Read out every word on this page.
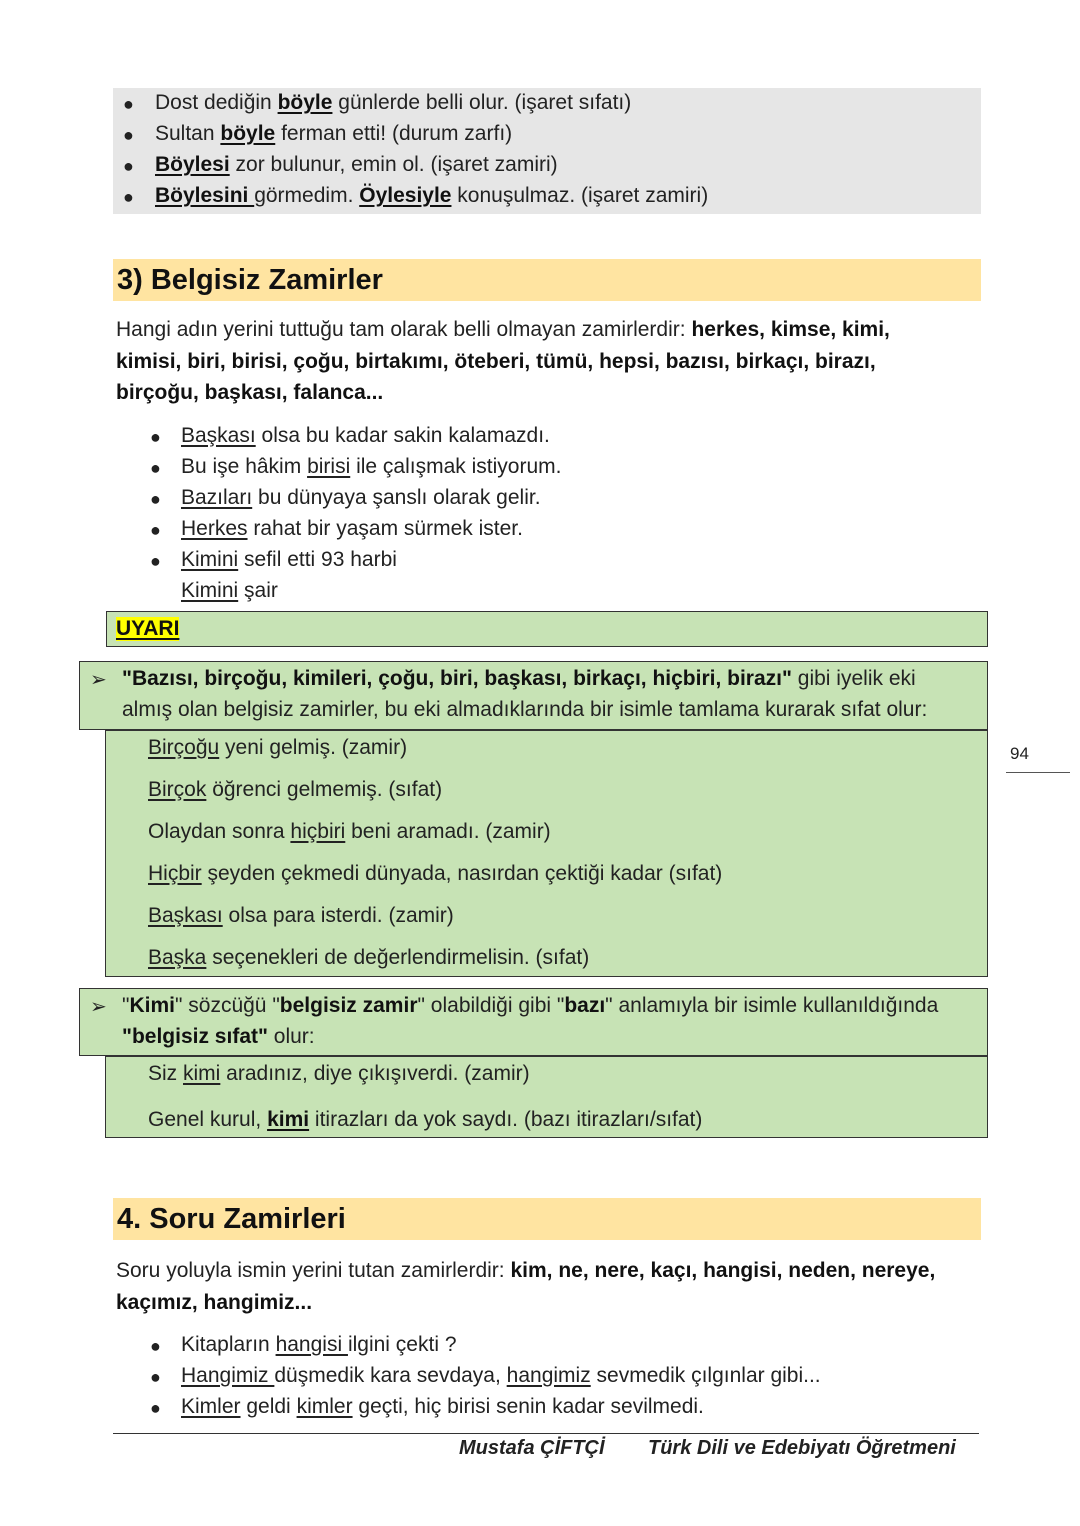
● Dost dediğin böyle günlerde belli olur. (işaret sıfatı)
● Sultan böyle ferman etti! (durum zarfı)
● Böylesi zor bulunur, emin ol. (işaret zamiri)
● Böylesini görmedim. Öylesiyle konuşulmaz. (işaret zamiri)
3) Belgisiz Zamirler
Hangi adın yerini tuttuğu tam olarak belli olmayan zamirlerdir: herkes, kimse, kimi,
kimisi, biri, birisi, çoğu, birtakımı, öteberi, tümü, hepsi, bazısı, birkaçı, birazı,
birçoğu, başkası, falanca...
● Başkası olsa bu kadar sakin kalamazdı.
● Bu işe hâkim birisi ile çalışmak istiyorum.
● Bazıları bu dünyaya şanslı olarak gelir.
● Herkes rahat bir yaşam sürmek ister.
● Kimini sefil etti 93 harbi
Kimini şair
UYARI
➢ "Bazısı, birçoğu, kimileri, çoğu, biri, başkası, birkaçı, hiçbiri, birazı" gibi iyelik eki
almış olan belgisiz zamirler, bu eki almadıklarında bir isimle tamlama kurarak sıfat olur:
Birçoğu yeni gelmiş. (zamir)
Birçok öğrenci gelmemiş. (sıfat)
Olaydan sonra hiçbiri beni aramadı. (zamir)
Hiçbir şeyden çekmedi dünyada, nasırdan çektiği kadar (sıfat)
Başkası olsa para isterdi. (zamir)
Başka seçenekleri de değerlendirmelisin. (sıfat)
➢ "Kimi" sözcüğü "belgisiz zamir" olabildiği gibi "bazı" anlamıyla bir isimle kullanıldığında
"belgisiz sıfat" olur:
Siz kimi aradınız, diye çıkışıverdi. (zamir)
Genel kurul, kimi itirazları da yok saydı. (bazı itirazları/sıfat)
4. Soru Zamirleri
Soru yoluyla ismin yerini tutan zamirlerdir: kim, ne, nere, kaçı, hangisi, neden, nereye,
kaçımız, hangimiz...
● Kitapların hangisi ilgini çekti ?
● Hangimiz düşmedik kara sevdaya, hangimiz sevmedik çılgınlar gibi...
● Kimler geldi kimler geçti, hiç birisi senin kadar sevilmedi.
94
Mustafa ÇİFTÇİ Türk Dili ve Edebiyatı Öğretmeni
